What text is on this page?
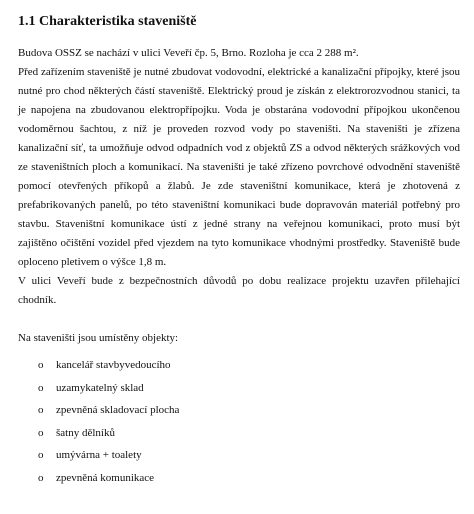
1.1 Charakteristika staveniště

Budova OSSZ se nachází v ulici Veveří čp. 5, Brno. Rozloha je cca 2 288 m².

Před zařízením staveniště je nutné zbudovat vodovodní, elektrické a kanalizační přípojky, které jsou nutné pro chod některých částí staveniště. Elektrický proud je získán z elektrorozvodnou stanici, ta je napojena na zbudovanou elektropřípojku. Voda je obstarána vodovodní přípojkou ukončenou vodoměrnou šachtou, z níž je proveden rozvod vody po staveništi. Na staveništi je zřízena kanalizační síť, ta umožňuje odvod odpadních vod z objektů ZS a odvod některých srážkových vod ze staveništních ploch a komunikací. Na staveništi je také zřízeno povrchové odvodnění staveniště pomocí otevřených příkopů a žlabů. Je zde staveništní komunikace, která je zhotovená z prefabrikovaných panelů, po této staveništní komunikaci bude dopravován materiál potřebný pro stavbu. Staveništní komunikace ústí z jedné strany na veřejnou komunikaci, proto musí být zajištěno očištění vozidel před vjezdem na tyto komunikace vhodnými prostředky. Staveniště bude oploceno pletivem o výšce 1,8 m.

V ulici Veveří bude z bezpečnostních důvodů po dobu realizace projektu uzavřen přilehající chodník.

Na staveništi jsou umístěny objekty:

o kancelář stavbyvedoucího
o uzamykatelný sklad
o zpevněná skladovací plocha
o šatny dělníků
o umývárna + toalety
o zpevněná komunikace
